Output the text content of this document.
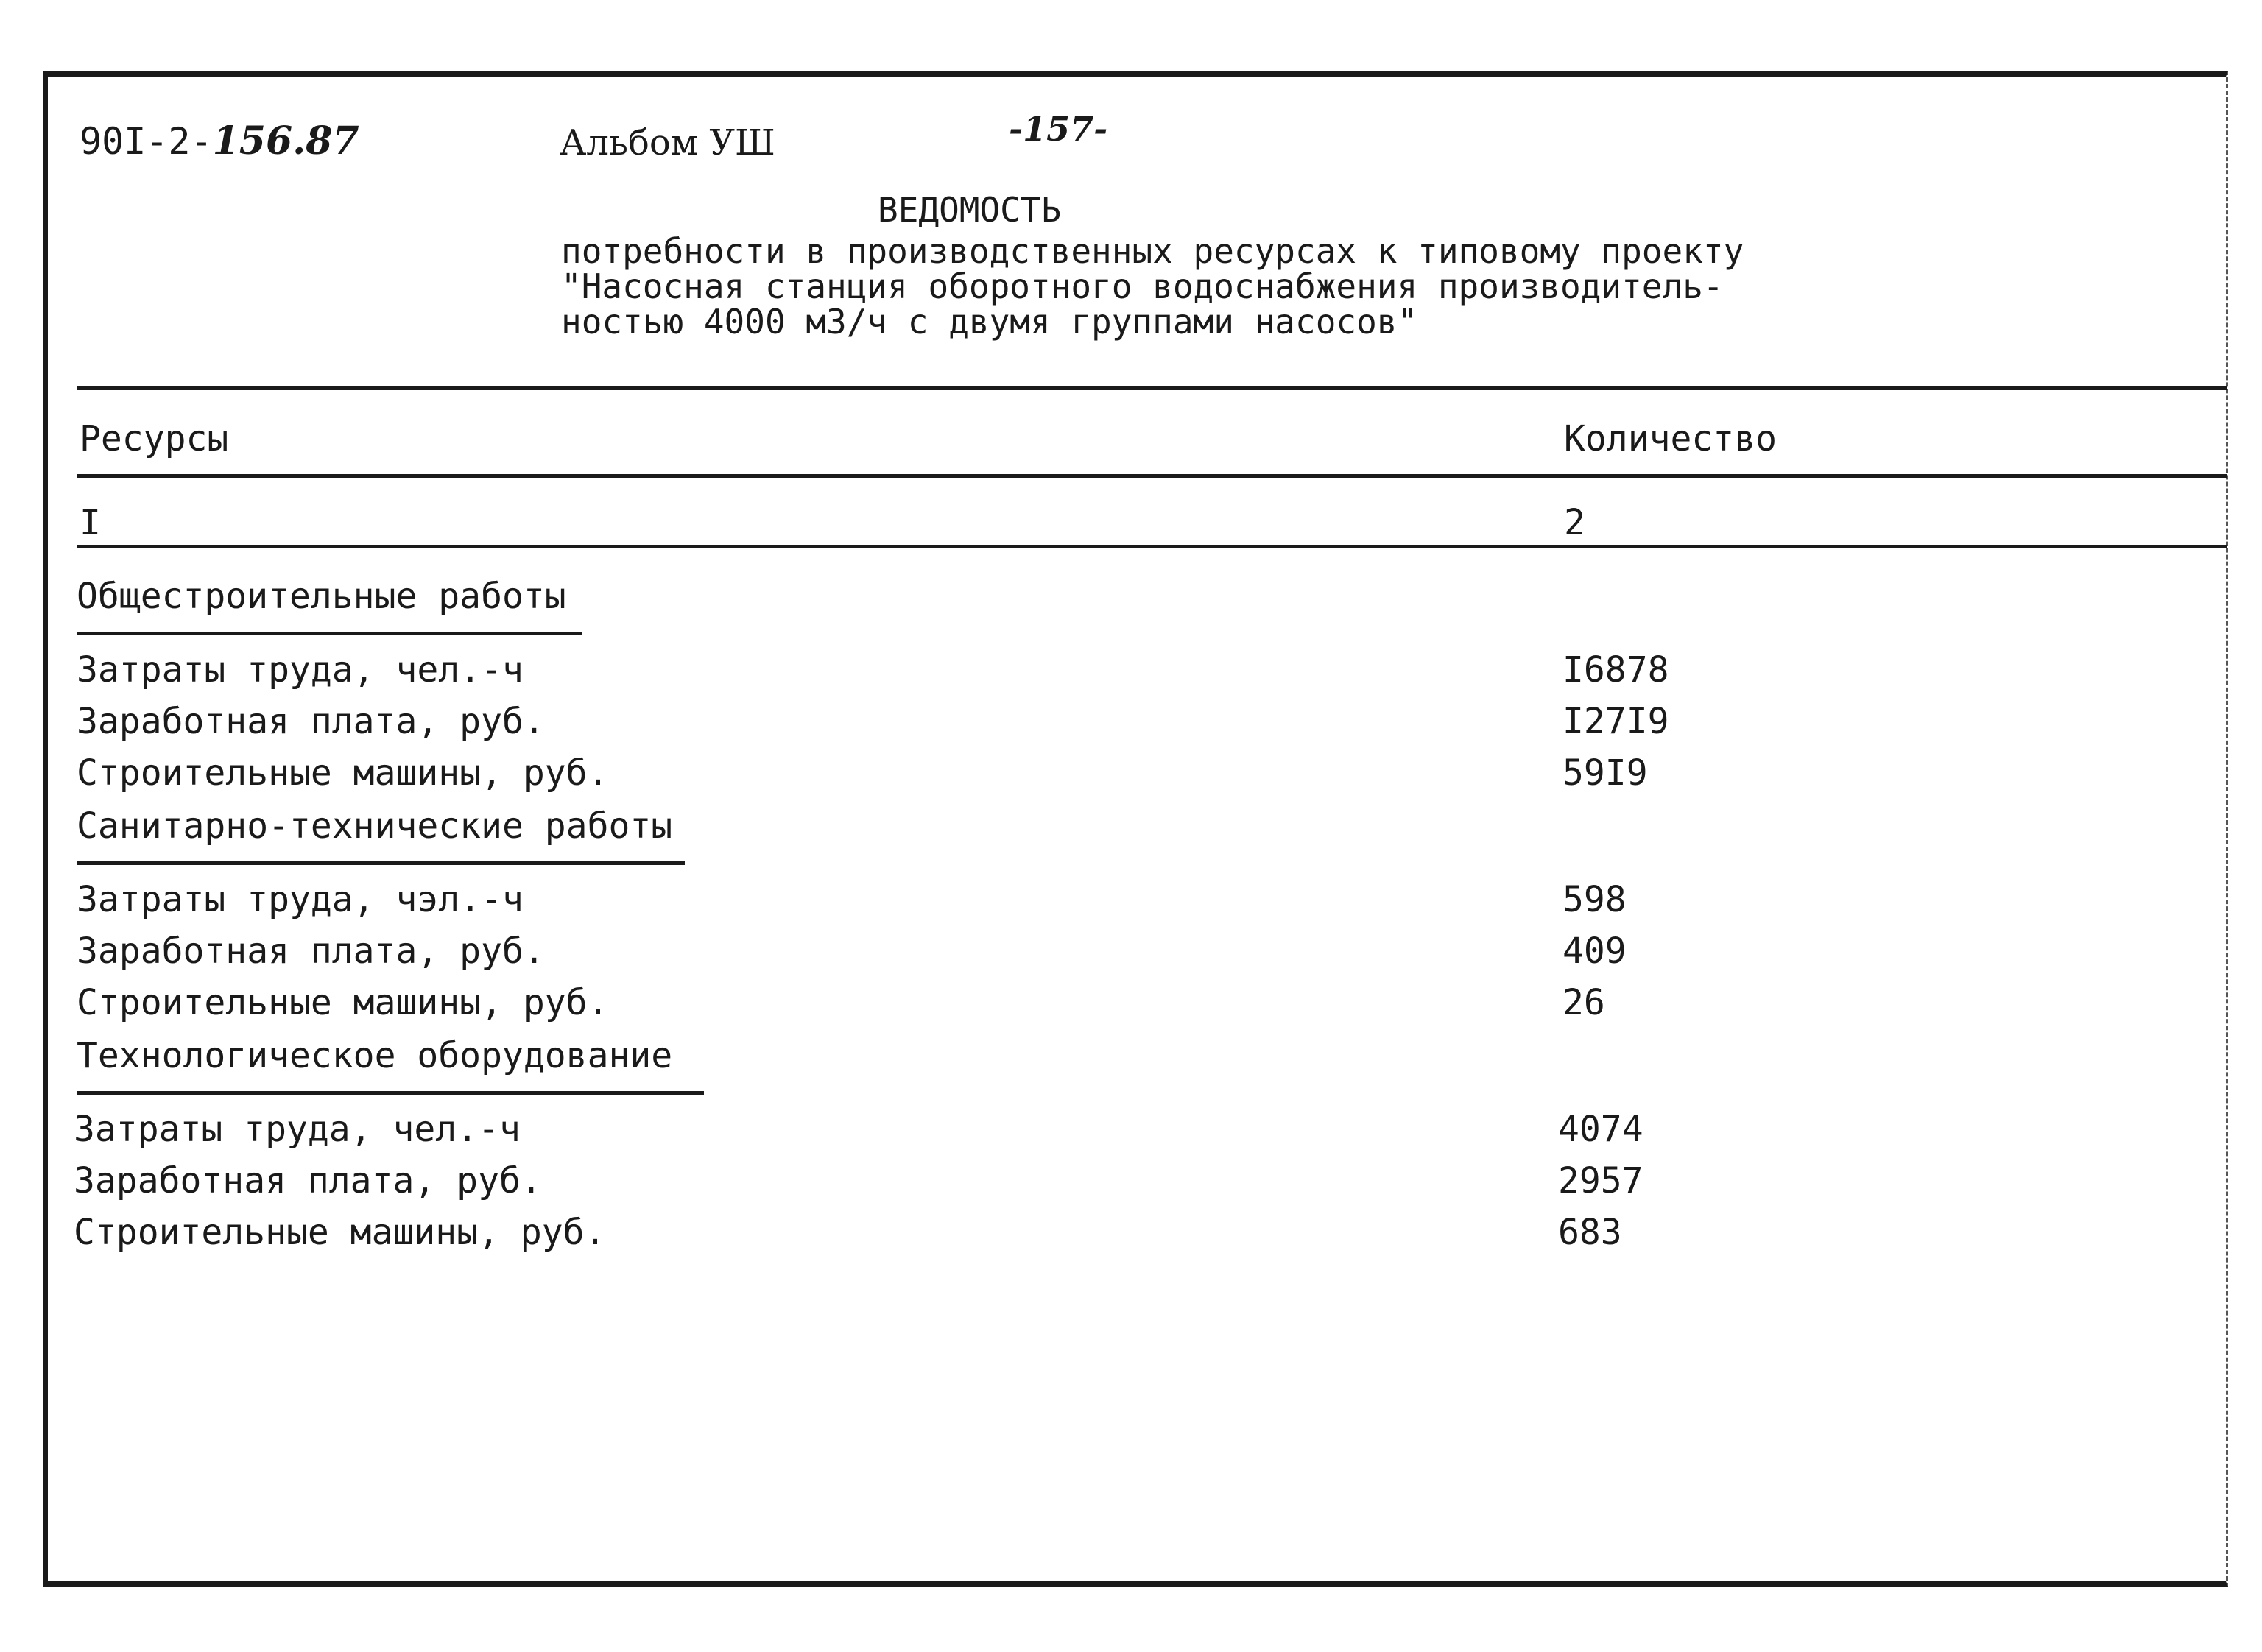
90I-2-156.87	Альбом УШ	-157-
ВЕДОМОСТЬ
потребности в производственных ресурсах к типовому проекту
"Насосная станция оборотного водоснабжения производитель-
ностью 4000 м3/ч с двумя группами насосов"
Ресурсы	Количество
I	2
Общестроительные работы
Затраты труда, чел.-ч	I6878
Заработная плата, руб.	I27I9
Строительные машины, руб.	59I9
Санитарно-технические работы
Затраты труда, чэл.-ч	598
Заработная плата, руб.	409
Строительные машины, руб.	26
Технологическое оборудование
Затраты труда, чел.-ч	4074
Заработная плата, руб.	2957
Строительные машины, руб.	683
